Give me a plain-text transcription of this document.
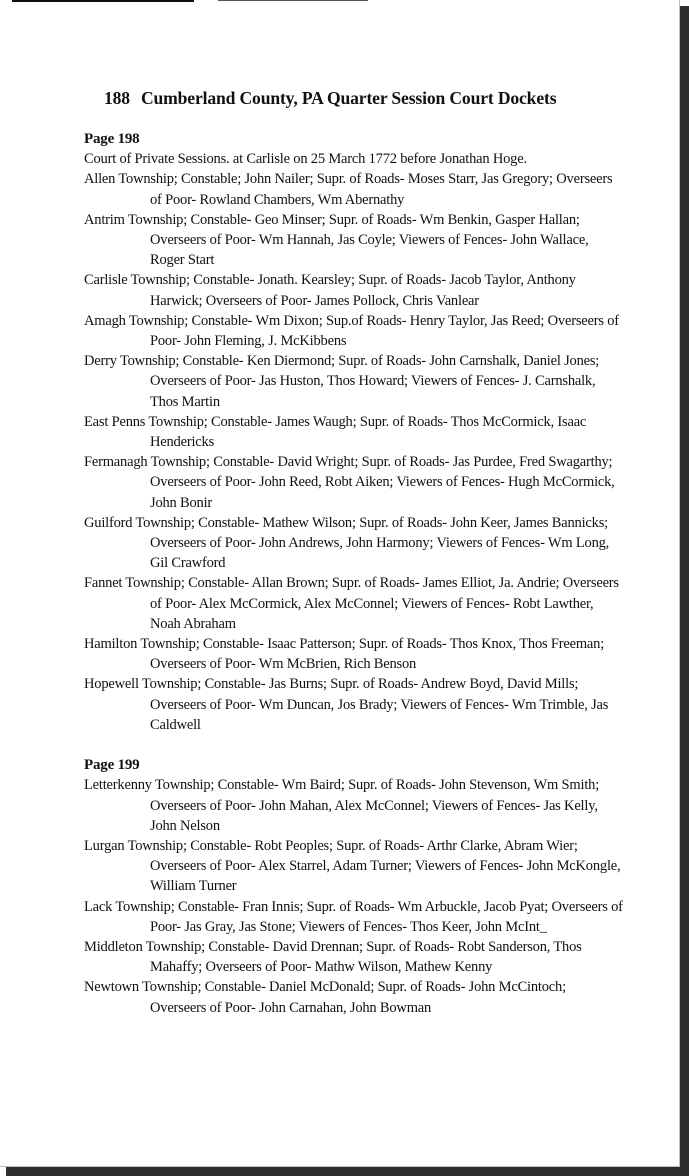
188 Cumberland County, PA Quarter Session Court Dockets
Page 198

Court of Private Sessions. at Carlisle on 25 March 1772 before Jonathan Hoge.

Allen Township; Constable; John Nailer; Supr. of Roads- Moses Starr, Jas Gregory; Overseers of Poor- Rowland Chambers, Wm Abernathy

Antrim Township; Constable- Geo Minser; Supr. of Roads- Wm Benkin, Gasper Hallan; Overseers of Poor- Wm Hannah, Jas Coyle; Viewers of Fences- John Wallace, Roger Start

Carlisle Township; Constable- Jonath. Kearsley; Supr. of Roads- Jacob Taylor, Anthony Harwick; Overseers of Poor- James Pollock, Chris Vanlear

Amagh Township; Constable- Wm Dixon; Sup.of Roads- Henry Taylor, Jas Reed; Overseers of Poor- John Fleming, J. McKibbens

Derry Township; Constable- Ken Diermond; Supr. of Roads- John Carnshalk, Daniel Jones; Overseers of Poor- Jas Huston, Thos Howard; Viewers of Fences- J. Carnshalk, Thos Martin

East Penns Township; Constable- James Waugh; Supr. of Roads- Thos McCormick, Isaac Hendericks

Fermanagh Township; Constable- David Wright; Supr. of Roads- Jas Purdee, Fred Swagarthy; Overseers of Poor- John Reed, Robt Aiken; Viewers of Fences- Hugh McCormick, John Bonir

Guilford Township; Constable- Mathew Wilson; Supr. of Roads- John Keer, James Bannicks; Overseers of Poor- John Andrews, John Harmony; Viewers of Fences- Wm Long, Gil Crawford

Fannet Township; Constable- Allan Brown; Supr. of Roads- James Elliot, Ja. Andrie; Overseers of Poor- Alex McCormick, Alex McConnel; Viewers of Fences- Robt Lawther, Noah Abraham

Hamilton Township; Constable- Isaac Patterson; Supr. of Roads- Thos Knox, Thos Freeman; Overseers of Poor- Wm McBrien, Rich Benson

Hopewell Township; Constable- Jas Burns; Supr. of Roads- Andrew Boyd, David Mills; Overseers of Poor- Wm Duncan, Jos Brady; Viewers of Fences- Wm Trimble, Jas Caldwell

Page 199

Letterkenny Township; Constable- Wm Baird; Supr. of Roads- John Stevenson, Wm Smith; Overseers of Poor- John Mahan, Alex McConnel; Viewers of Fences- Jas Kelly, John Nelson

Lurgan Township; Constable- Robt Peoples; Supr. of Roads- Arthr Clarke, Abram Wier; Overseers of Poor- Alex Starrel, Adam Turner; Viewers of Fences- John McKongle, William Turner

Lack Township; Constable- Fran Innis; Supr. of Roads- Wm Arbuckle, Jacob Pyat; Overseers of Poor- Jas Gray, Jas Stone; Viewers of Fences- Thos Keer, John McInt_

Middleton Township; Constable- David Drennan; Supr. of Roads- Robt Sanderson, Thos Mahaffy; Overseers of Poor- Mathw Wilson, Mathew Kenny

Newtown Township; Constable- Daniel McDonald; Supr. of Roads- John McCintoch; Overseers of Poor- John Carnahan, John Bowman
